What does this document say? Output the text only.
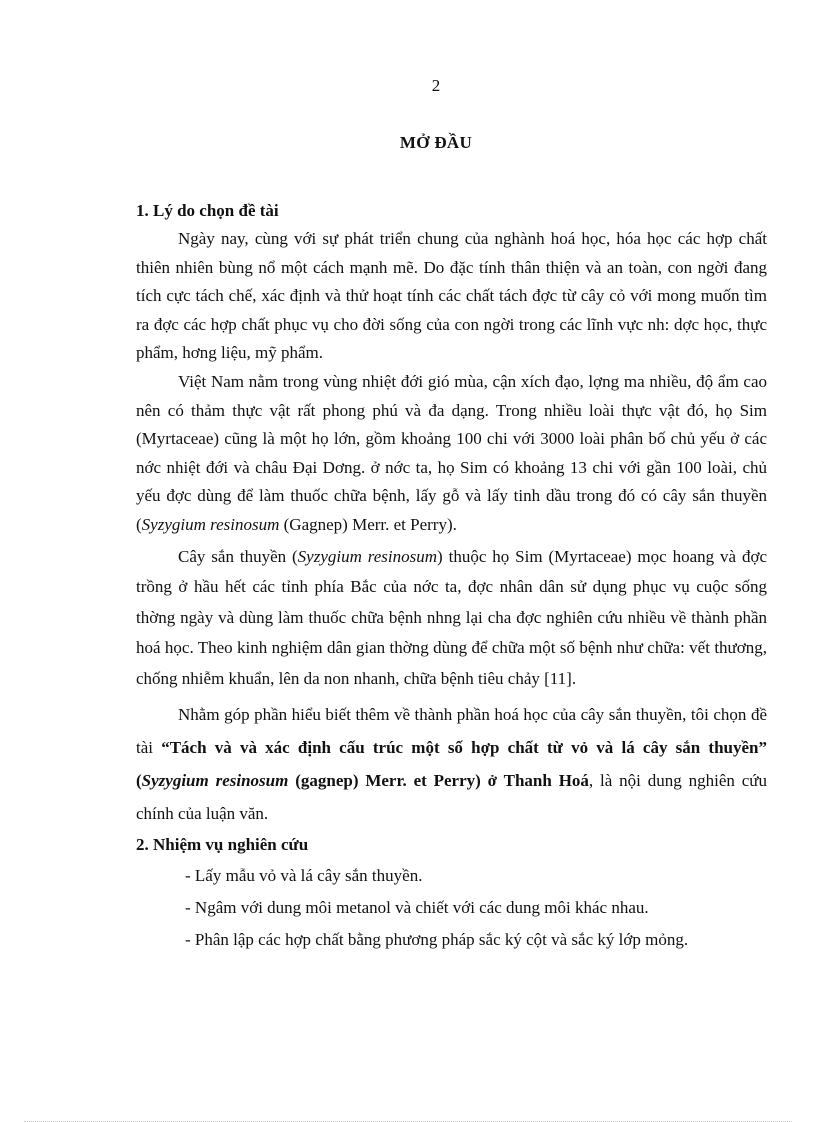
2
MỞ ĐẦU
1. Lý do chọn đề tài

Ngày nay, cùng với sự phát triển chung của nghành hoá học, hóa học các hợp chất thiên nhiên bùng nổ một cách mạnh mẽ. Do đặc tính thân thiện và an toàn, con ngời đang tích cực tách chế, xác định và thử hoạt tính các chất tách đợc từ cây cỏ với mong muốn tìm ra đợc các hợp chất phục vụ cho đời sống của con ngời trong các lĩnh vực nh: dợc học, thực phẩm, hơng liệu, mỹ phẩm.

Việt Nam nằm trong vùng nhiệt đới gió mùa, cận xích đạo, lợng ma nhiều, độ ẩm cao nên có thảm thực vật rất phong phú và đa dạng. Trong nhiều loài thực vật đó, họ Sim (Myrtaceae) cũng là một họ lớn, gồm khoảng 100 chi với 3000 loài phân bố chủ yếu ở các nớc nhiệt đới và châu Đại Dơng. ở nớc ta, họ Sim có khoảng 13 chi với gần 100 loài, chủ yếu đợc dùng để làm thuốc chữa bệnh, lấy gỗ và lấy tinh dầu trong đó có cây sắn thuyền (Syzygium resinosum (Gagnep) Merr. et Perry).

Cây sắn thuyền (Syzygium resinosum) thuộc họ Sim (Myrtaceae) mọc hoang và đợc trồng ở hầu hết các tỉnh phía Bắc của nớc ta, đợc nhân dân sử dụng phục vụ cuộc sống thờng ngày và dùng làm thuốc chữa bệnh nhng lại cha đợc nghiên cứu nhiều về thành phần hoá học. Theo kinh nghiệm dân gian thờng dùng để chữa một số bệnh như chữa: vết thương, chống nhiễm khuẩn, lên da non nhanh, chữa bệnh tiêu chảy [11].

Nhằm góp phần hiểu biết thêm về thành phần hoá học của cây sắn thuyền, tôi chọn đề tài “Tách và và xác định cấu trúc một số hợp chất từ vỏ và lá cây sắn thuyền” (Syzygium resinosum (gagnep) Merr. et Perry) ở Thanh Hoá, là nội dung nghiên cứu chính của luận văn.

2. Nhiệm vụ nghiên cứu

- Lấy mẫu vỏ và lá cây sắn thuyền.

- Ngâm với dung môi metanol và chiết với các dung môi khác nhau.

- Phân lập các hợp chất bằng phương pháp sắc ký cột và sắc ký lớp mỏng.
